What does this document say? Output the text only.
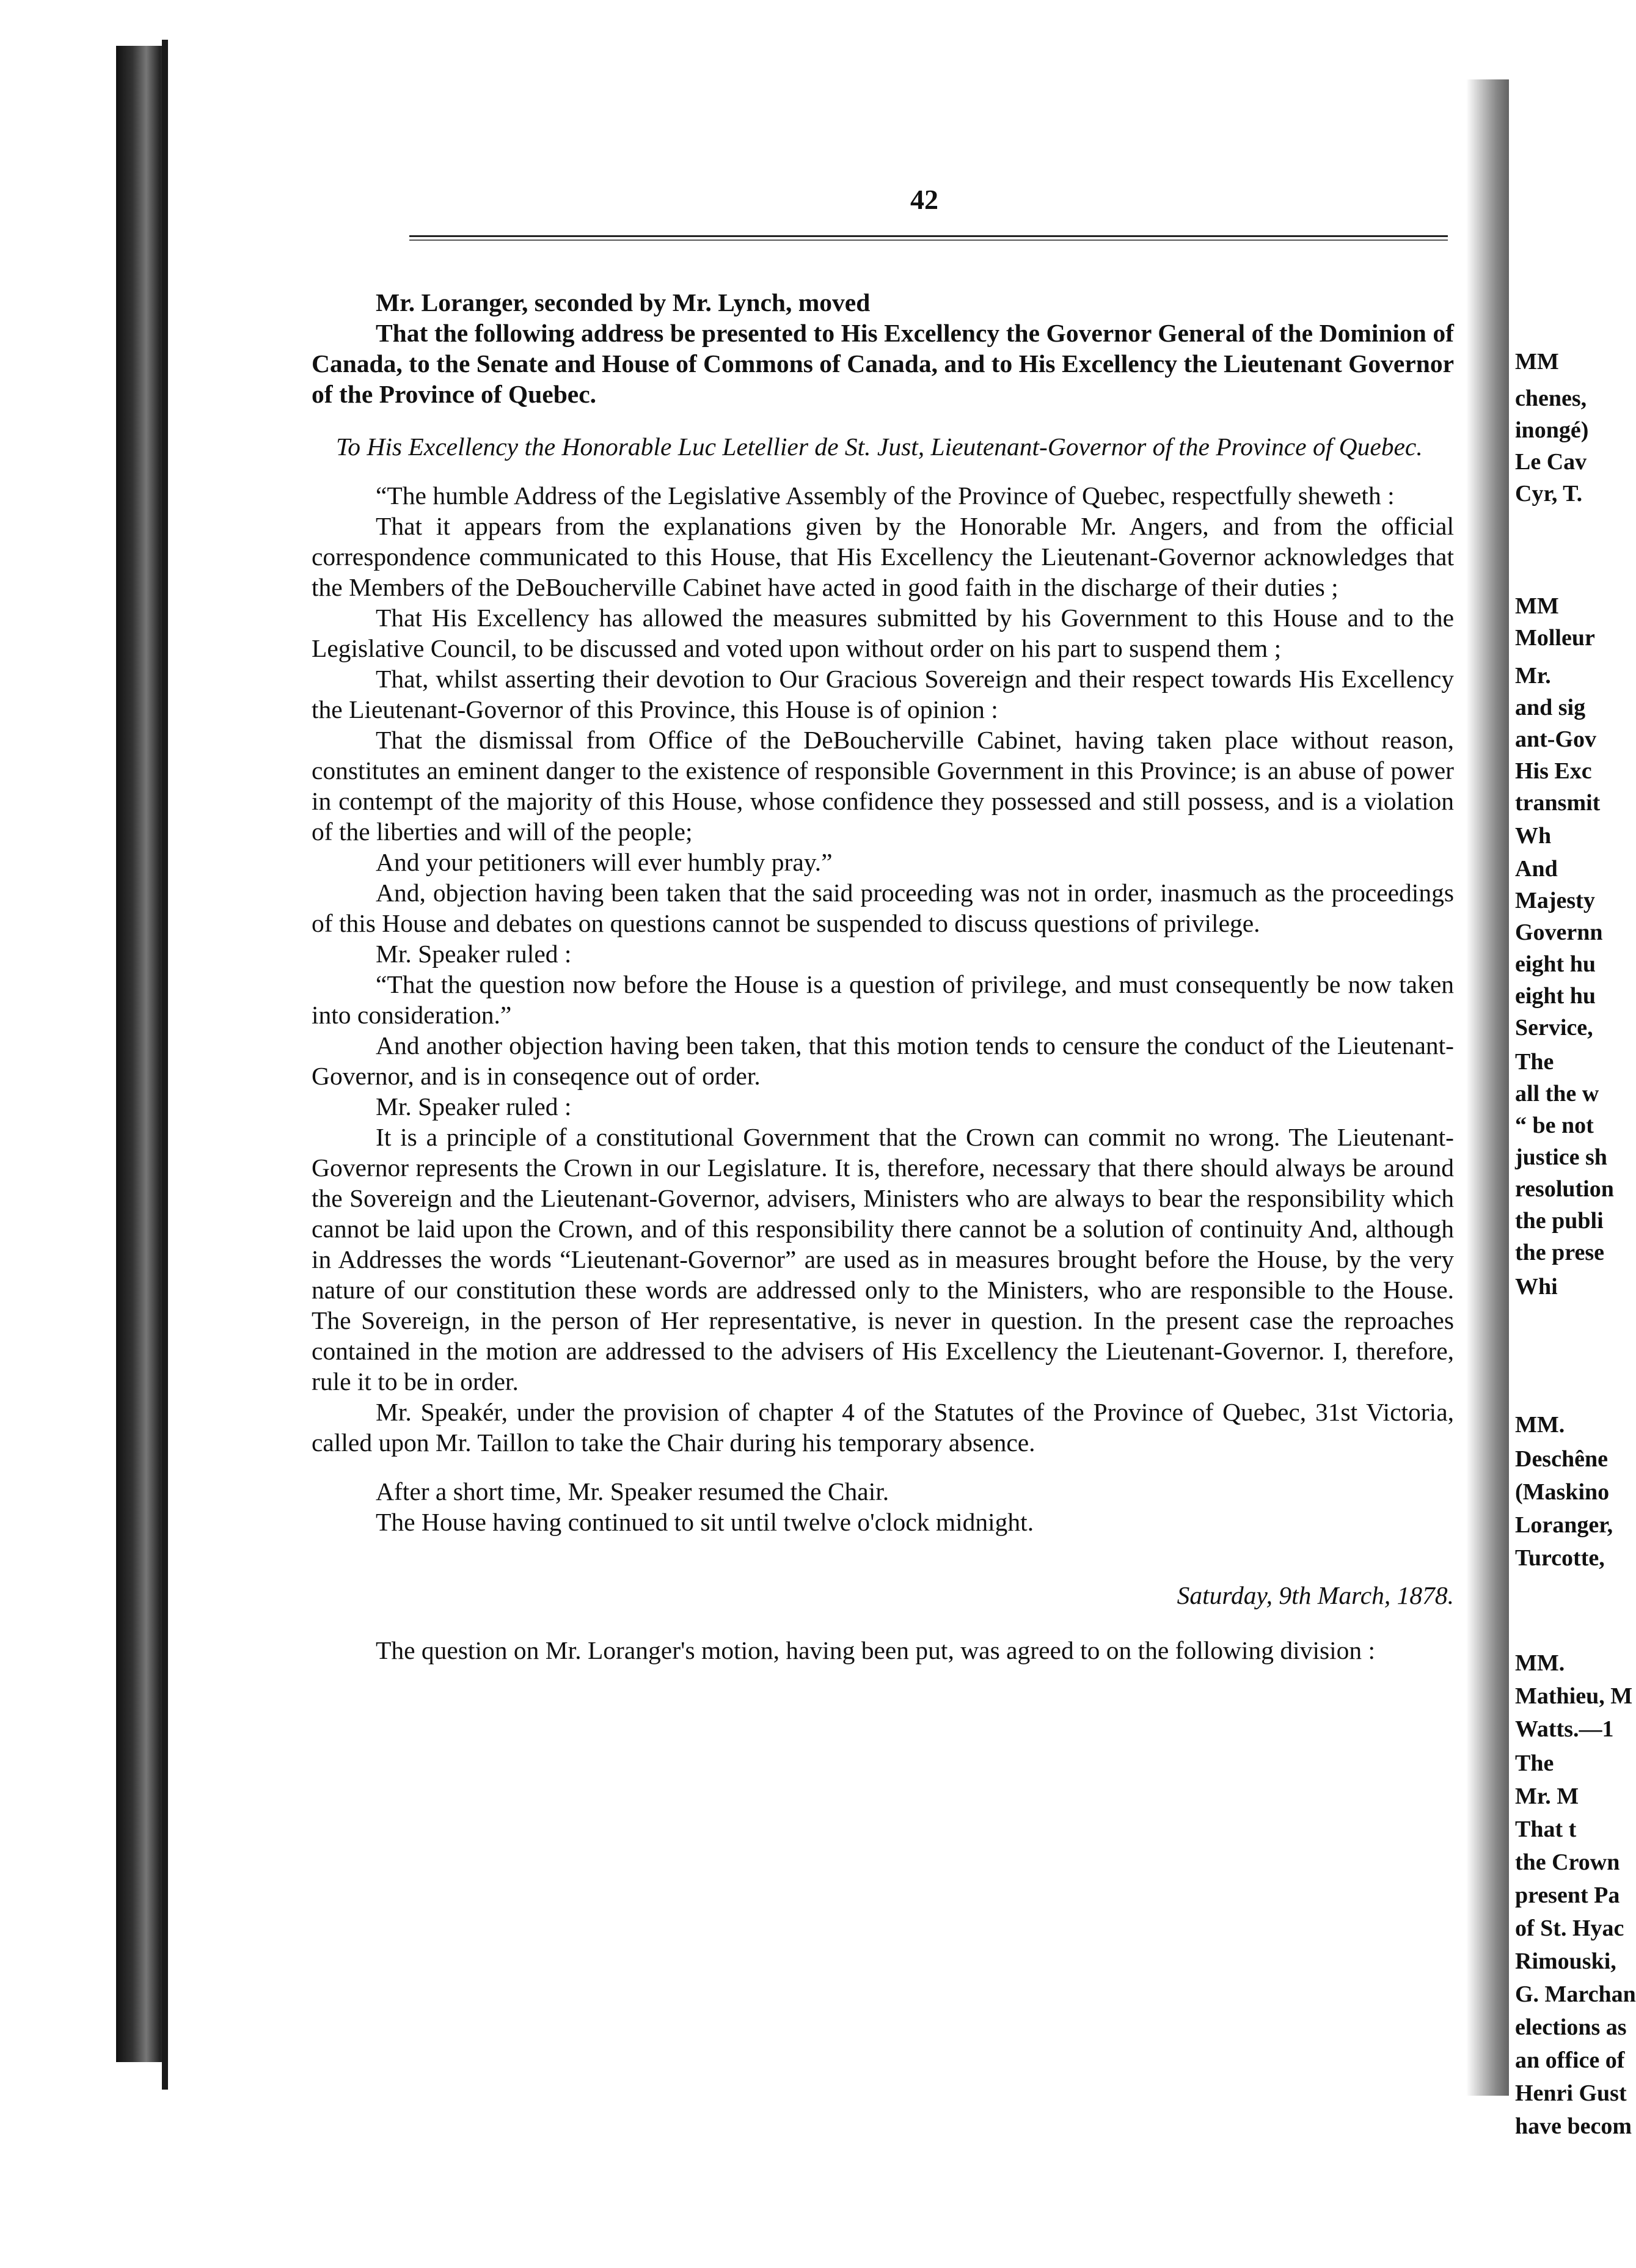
MM
chenes,
inongé)
Le Cav
Cyr, T.
MM
Molleur
Mr.
and sig
ant-Gov
His Exc
transmit
Wh
And
Majesty
Governn
eight hu
eight hu
Service,
The
all the w
“ be not
justice sh
resolution
the publi
the prese
Whi
MM.
Deschêne
(Maskino
Loranger,
Turcotte,
MM.
Mathieu, M
Watts.—1
The
Mr. M
That t
the Crown
present Pa
of St. Hyac
Rimouski,
G. Marchan
elections as
an office of
Henri Gust
have becom
42

Mr. Loranger, seconded by Mr. Lynch, moved

That the following address be presented to His Excellency the Governor General of the Dominion of Canada, to the Senate and House of Commons of Canada, and to His Excellency the Lieutenant Governor of the Province of Quebec.

To His Excellency the Honorable Luc Letellier de St. Just, Lieutenant-Governor of the Province of Quebec.

“The humble Address of the Legislative Assembly of the Province of Quebec, respectfully sheweth :

That it appears from the explanations given by the Honorable Mr. Angers, and from the official correspondence communicated to this House, that His Excellency the Lieutenant-Governor acknowledges that the Members of the DeBoucherville Cabinet have acted in good faith in the discharge of their duties ;

That His Excellency has allowed the measures submitted by his Government to this House and to the Legislative Council, to be discussed and voted upon without order on his part to suspend them ;

That, whilst asserting their devotion to Our Gracious Sovereign and their respect towards His Excellency the Lieutenant-Governor of this Province, this House is of opinion :

That the dismissal from Office of the DeBoucherville Cabinet, having taken place without reason, constitutes an eminent danger to the existence of responsible Government in this Province; is an abuse of power in contempt of the majority of this House, whose confidence they possessed and still possess, and is a violation of the liberties and will of the people;

And your petitioners will ever humbly pray.”

And, objection having been taken that the said proceeding was not in order, inasmuch as the proceedings of this House and debates on questions cannot be suspended to discuss questions of privilege.

Mr. Speaker ruled :

“That the question now before the House is a question of privilege, and must consequently be now taken into consideration.”

And another objection having been taken, that this motion tends to censure the conduct of the Lieutenant-Governor, and is in conseqence out of order.

Mr. Speaker ruled :

It is a principle of a constitutional Government that the Crown can commit no wrong. The Lieutenant-Governor represents the Crown in our Legislature. It is, therefore, necessary that there should always be around the Sovereign and the Lieutenant-Governor, advisers, Ministers who are always to bear the responsibility which cannot be laid upon the Crown, and of this responsibility there cannot be a solution of continuity And, although in Addresses the words “Lieutenant-Governor” are used as in measures brought before the House, by the very nature of our constitution these words are addressed only to the Ministers, who are responsible to the House. The Sovereign, in the person of Her representative, is never in question. In the present case the reproaches contained in the motion are addressed to the advisers of His Excellency the Lieutenant-Governor. I, therefore, rule it to be in order.

Mr. Speakér, under the provision of chapter 4 of the Statutes of the Province of Quebec, 31st Victoria, called upon Mr. Taillon to take the Chair during his temporary absence.

After a short time, Mr. Speaker resumed the Chair.

The House having continued to sit until twelve o'clock midnight.

Saturday, 9th March, 1878.

The question on Mr. Loranger's motion, having been put, was agreed to on the following division :
